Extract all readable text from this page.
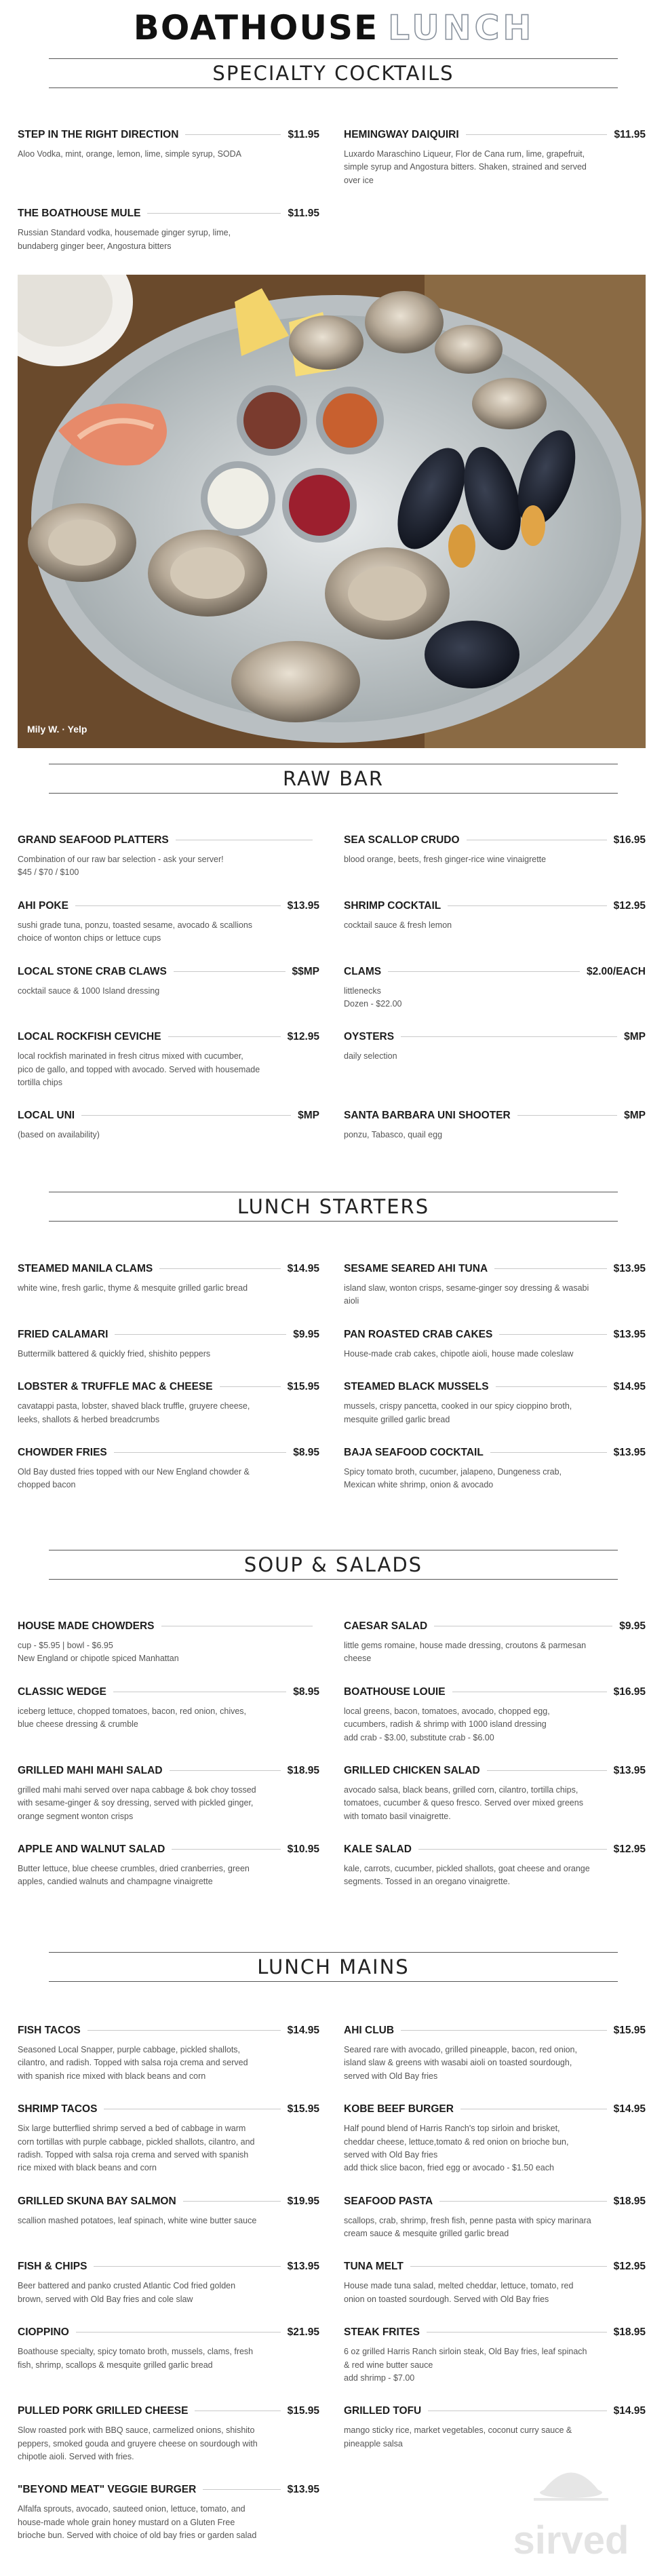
BOATHOUSE LUNCH
SPECIALTY COCKTAILS
STEP IN THE RIGHT DIRECTION	$11.95
Aloo Vodka, mint, orange, lemon, lime, simple syrup, SODA
HEMINGWAY DAIQUIRI	$11.95
Luxardo Maraschino Liqueur, Flor de Cana rum, lime, grapefruit,
simple syrup and Angostura bitters. Shaken, strained and served
over ice
THE BOATHOUSE MULE	$11.95
Russian Standard vodka, housemade ginger syrup, lime,
bundaberg ginger beer, Angostura bitters
Mily W. · Yelp
RAW BAR
GRAND SEAFOOD PLATTERS
Combination of our raw bar selection - ask your server!
$45 / $70 / $100
SEA SCALLOP CRUDO	$16.95
blood orange, beets, fresh ginger-rice wine vinaigrette
AHI POKE	$13.95
sushi grade tuna, ponzu, toasted sesame, avocado & scallions
choice of wonton chips or lettuce cups
SHRIMP COCKTAIL	$12.95
cocktail sauce & fresh lemon
LOCAL STONE CRAB CLAWS	$$MP
cocktail sauce & 1000 Island dressing
CLAMS	$2.00/EACH
littlenecks
Dozen - $22.00
LOCAL ROCKFISH CEVICHE	$12.95
local rockfish marinated in fresh citrus mixed with cucumber,
pico de gallo, and topped with avocado. Served with housemade
tortilla chips
OYSTERS	$MP
daily selection
LOCAL UNI	$MP
(based on availability)
SANTA BARBARA UNI SHOOTER	$MP
ponzu, Tabasco, quail egg
LUNCH STARTERS
STEAMED MANILA CLAMS	$14.95
white wine, fresh garlic, thyme & mesquite grilled garlic bread
SESAME SEARED AHI TUNA	$13.95
island slaw, wonton crisps, sesame-ginger soy dressing & wasabi
aioli
FRIED CALAMARI	$9.95
Buttermilk battered & quickly fried, shishito peppers
PAN ROASTED CRAB CAKES	$13.95
House-made crab cakes, chipotle aioli, house made coleslaw
LOBSTER & TRUFFLE MAC & CHEESE	$15.95
cavatappi pasta, lobster, shaved black truffle, gruyere cheese,
leeks, shallots & herbed breadcrumbs
STEAMED BLACK MUSSELS	$14.95
mussels, crispy pancetta, cooked in our spicy cioppino broth,
mesquite grilled garlic bread
CHOWDER FRIES	$8.95
Old Bay dusted fries topped with our New England chowder &
chopped bacon
BAJA SEAFOOD COCKTAIL	$13.95
Spicy tomato broth, cucumber, jalapeno, Dungeness crab,
Mexican white shrimp, onion & avocado
SOUP & SALADS
HOUSE MADE CHOWDERS
cup - $5.95 | bowl - $6.95
New England or chipotle spiced Manhattan
CAESAR SALAD	$9.95
little gems romaine, house made dressing, croutons & parmesan
cheese
CLASSIC WEDGE	$8.95
iceberg lettuce, chopped tomatoes, bacon, red onion, chives,
blue cheese dressing & crumble
BOATHOUSE LOUIE	$16.95
local greens, bacon, tomatoes, avocado, chopped egg,
cucumbers, radish & shrimp with 1000 island dressing
add crab - $3.00, substitute crab - $6.00
GRILLED MAHI MAHI SALAD	$18.95
grilled mahi mahi served over napa cabbage & bok choy tossed
with sesame-ginger & soy dressing, served with pickled ginger,
orange segment wonton crisps
GRILLED CHICKEN SALAD	$13.95
avocado salsa, black beans, grilled corn, cilantro, tortilla chips,
tomatoes, cucumber & queso fresco. Served over mixed greens
with tomato basil vinaigrette.
APPLE AND WALNUT SALAD	$10.95
Butter lettuce, blue cheese crumbles, dried cranberries, green
apples, candied walnuts and champagne vinaigrette
KALE SALAD	$12.95
kale, carrots, cucumber, pickled shallots, goat cheese and orange
segments. Tossed in an oregano vinaigrette.
LUNCH MAINS
FISH TACOS	$14.95
Seasoned Local Snapper, purple cabbage, pickled shallots,
cilantro, and radish. Topped with salsa roja crema and served
with spanish rice mixed with black beans and corn
AHI CLUB	$15.95
Seared rare with avocado, grilled pineapple, bacon, red onion,
island slaw & greens with wasabi aioli on toasted sourdough,
served with Old Bay fries
SHRIMP TACOS	$15.95
Six large butterflied shrimp served a bed of cabbage in warm
corn tortillas with purple cabbage, pickled shallots, cilantro, and
radish. Topped with salsa roja crema and served with spanish
rice mixed with black beans and corn
KOBE BEEF BURGER	$14.95
Half pound blend of Harris Ranch's top sirloin and brisket,
cheddar cheese, lettuce,tomato & red onion on brioche bun,
served with Old Bay fries
add thick slice bacon, fried egg or avocado - $1.50 each
GRILLED SKUNA BAY SALMON	$19.95
scallion mashed potatoes, leaf spinach, white wine butter sauce
SEAFOOD PASTA	$18.95
scallops, crab, shrimp, fresh fish, penne pasta with spicy marinara
cream sauce & mesquite grilled garlic bread
FISH & CHIPS	$13.95
Beer battered and panko crusted Atlantic Cod fried golden
brown, served with Old Bay fries and cole slaw
TUNA MELT	$12.95
House made tuna salad, melted cheddar, lettuce, tomato, red
onion on toasted sourdough. Served with Old Bay fries
CIOPPINO	$21.95
Boathouse specialty, spicy tomato broth, mussels, clams, fresh
fish, shrimp, scallops & mesquite grilled garlic bread
STEAK FRITES	$18.95
6 oz grilled Harris Ranch sirloin steak, Old Bay fries, leaf spinach
& red wine butter sauce
add shrimp - $7.00
PULLED PORK GRILLED CHEESE	$15.95
Slow roasted pork with BBQ sauce, carmelized onions, shishito
peppers, smoked gouda and gruyere cheese on sourdough with
chipotle aioli. Served with fries.
GRILLED TOFU	$14.95
mango sticky rice, market vegetables, coconut curry sauce &
pineapple salsa
"BEYOND MEAT" VEGGIE BURGER	$13.95
Alfalfa sprouts, avocado, sauteed onion, lettuce, tomato, and
house-made whole grain honey mustard on a Gluten Free
brioche bun. Served with choice of old bay fries or garden salad	sirved
